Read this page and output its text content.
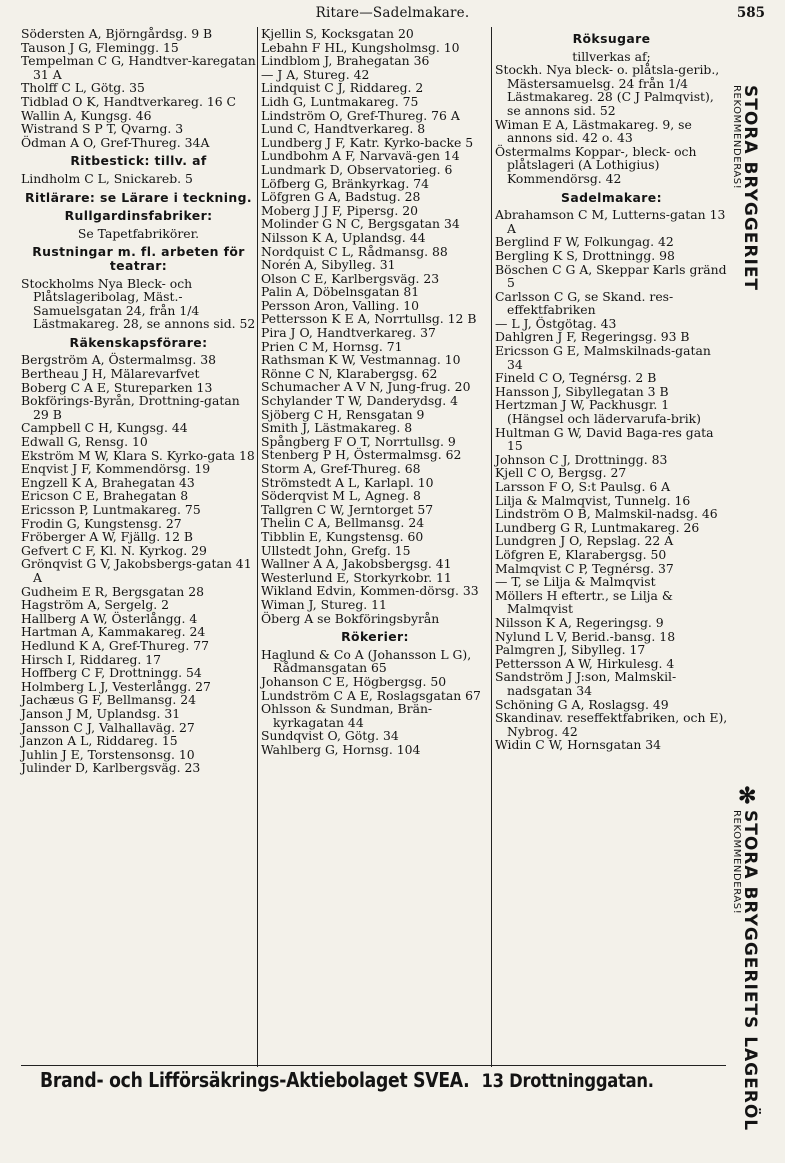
Ritare—Sadelmakare.	585
Södersten A, Björngårdsg. 9 B
Tauson J G, Flemingg. 15
Tempelman C G, Handtver-karegatan 31 A
Tholff C L, Götg. 35
Tidblad O K, Handtverkareg. 16 C
Wallin A, Kungsg. 46
Wistrand S P T, Qvarng. 3
Ödman A O, Gref-Thureg. 34A
Ritbestick: tillv. af
Lindholm C L, Snickareb. 5
Ritlärare: se Lärare i teckning.
Rullgardinsfabriker:
Se Tapetfabrikörer.
Rustningar m. fl. arbeten för teatrar:
Stockholms Nya Bleck- och Plåtslageribolag, Mäst.-Samuelsgatan 24, från 1/4 Lästmakareg. 28, se annons sid. 52
Räkenskapsförare:
Bergström A, Östermalmsg. 38
Bertheau J H, Mälarevarfvet
Boberg C A E, Stureparken 13
Bokförings-Byrån, Drottning-gatan 29 B
Campbell C H, Kungsg. 44
Edwall G, Rensg. 10
Ekström M W, Klara S. Kyrko-gata 18
Enqvist J F, Kommendörsg. 19
Engzell K A, Brahegatan 43
Ericson C E, Brahegatan 8
Ericsson P, Luntmakareg. 75
Frodin G, Kungstensg. 27
Fröberger A W, Fjällg. 12 B
Gefvert C F, Kl. N. Kyrkog. 29
Grönqvist G V, Jakobsbergs-gatan 41 A
Gudheim E R, Bergsgatan 28
Hagström A, Sergelg. 2
Hallberg A W, Österlångg. 4
Hartman A, Kammakareg. 24
Hedlund K A, Gref-Thureg. 77
Hirsch I, Riddareg. 17
Hoffberg C F, Drottningg. 54
Holmberg L J, Vesterlångg. 27
Jachæus G F, Bellmansg. 24
Janson J M, Uplandsg. 31
Jansson C J, Valhallaväg. 27
Janzon A L, Riddareg. 15
Juhlin J E, Torstensonsg. 10
Julinder D, Karlbergsväg. 23
Kjellin S, Kocksgatan 20
Lebahn F HL, Kungsholmsg. 10
Lindblom J, Brahegatan 36
— J A, Stureg. 42
Lindquist C J, Riddareg. 2
Lidh G, Luntmakareg. 75
Lindström O, Gref-Thureg. 76 A
Lund C, Handtverkareg. 8
Lundberg J F, Katr. Kyrko-backe 5
Lundbohm A F, Narvavä-gen 14
Lundmark D, Observatorieg. 6
Löfberg G, Bränkyrkag. 74
Löfgren G A, Badstug. 28
Moberg J J F, Pipersg. 20
Molinder G N C, Bergsgatan 34
Nilsson K A, Uplandsg. 44
Nordquist C L, Rådmansg. 88
Norén A, Sibylleg. 31
Olson C E, Karlbergsväg. 23
Palin A, Döbelnsgatan 81
Persson Aron, Valling. 10
Pettersson K E A, Norrtullsg. 12 B
Pira J O, Handtverkareg. 37
Prien C M, Hornsg. 71
Rathsman K W, Vestmannag. 10
Rönne C N, Klarabergsg. 62
Schumacher A V N, Jung-frug. 20
Schylander T W, Danderydsg. 4
Sjöberg C H, Rensgatan 9
Smith J, Lästmakareg. 8
Spångberg F O T, Norrtullsg. 9
Stenberg P H, Östermalmsg. 62
Storm A, Gref-Thureg. 68
Strömstedt A L, Karlapl. 10
Söderqvist M L, Agneg. 8
Tallgren C W, Jerntorget 57
Thelin C A, Bellmansg. 24
Tibblin E, Kungstensg. 60
Ullstedt John, Grefg. 15
Wallner A A, Jakobsbergsg. 41
Westerlund E, Storkyrkobr. 11
Wikland Edvin, Kommen-dörsg. 33
Wiman J, Stureg. 11
Öberg A se Bokföringsbyrån
Rökerier:
Haglund & Co A (Johansson L G), Rådmansgatan 65
Johanson C E, Högbergsg. 50
Lundström C A E, Roslagsgatan 67
Ohlsson & Sundman, Brän-kyrkagatan 44
Sundqvist O, Götg. 34
Wahlberg G, Hornsg. 104
Röksugare
tillverkas af;
Stockh. Nya bleck- o. plåtsla-gerib., Mästersamuelsg. 24 från 1/4 Lästmakareg. 28 (C J Palmqvist), se annons sid. 52
Wiman E A, Lästmakareg. 9, se annons sid. 42 o. 43
Östermalms Koppar-, bleck- och plåtslageri (A Lothigius) Kommendörsg. 42
Sadelmakare:
Abrahamson C M, Lutterns-gatan 13 A
Berglind F W, Folkungag. 42
Bergling K S, Drottningg. 98
Böschen C G A, Skeppar Karls gränd 5
Carlsson C G, se Skand. res-effektfabriken
— L J, Östgötag. 43
Dahlgren J F, Regeringsg. 93 B
Ericsson G E, Malmskilnads-gatan 34
Fineld C O, Tegnérsg. 2 B
Hansson J, Sibyllegatan 3 B
Hertzman J W, Packhusgr. 1 (Hängsel och lädervarufa-brik)
Hultman G W, David Baga-res gata 15
Johnson C J, Drottningg. 83
Kjell C O, Bergsg. 27
Larsson F O, S:t Paulsg. 6 A
Lilja & Malmqvist, Tunnelg. 16
Lindström O B, Malmskil-nadsg. 46
Lundberg G R, Luntmakareg. 26
Lundgren J O, Repslag. 22 A
Löfgren E, Klarabergsg. 50
Malmqvist C P, Tegnérsg. 37
— T, se Lilja & Malmqvist
Möllers H eftertr., se Lilja & Malmqvist
Nilsson K A, Regeringsg. 9
Nylund L V, Berid.-bansg. 18
Palmgren J, Sibylleg. 17
Pettersson A W, Hirkulesg. 4
Sandström J J:son, Malmskil-nadsgatan 34
Schöning G A, Roslagsg. 49
Skandinav. reseffektfabriken, och E), Nybrog. 42
Widin C W, Hornsgatan 34
STORA BRYGGERIET
REKOMMENDERAS!
✻
STORA BRYGGERIETS LAGERÖL
REKOMMENDERAS!
Brand- och Lifförsäkrings-Aktiebolaget SVEA. 13 Drottninggatan.
